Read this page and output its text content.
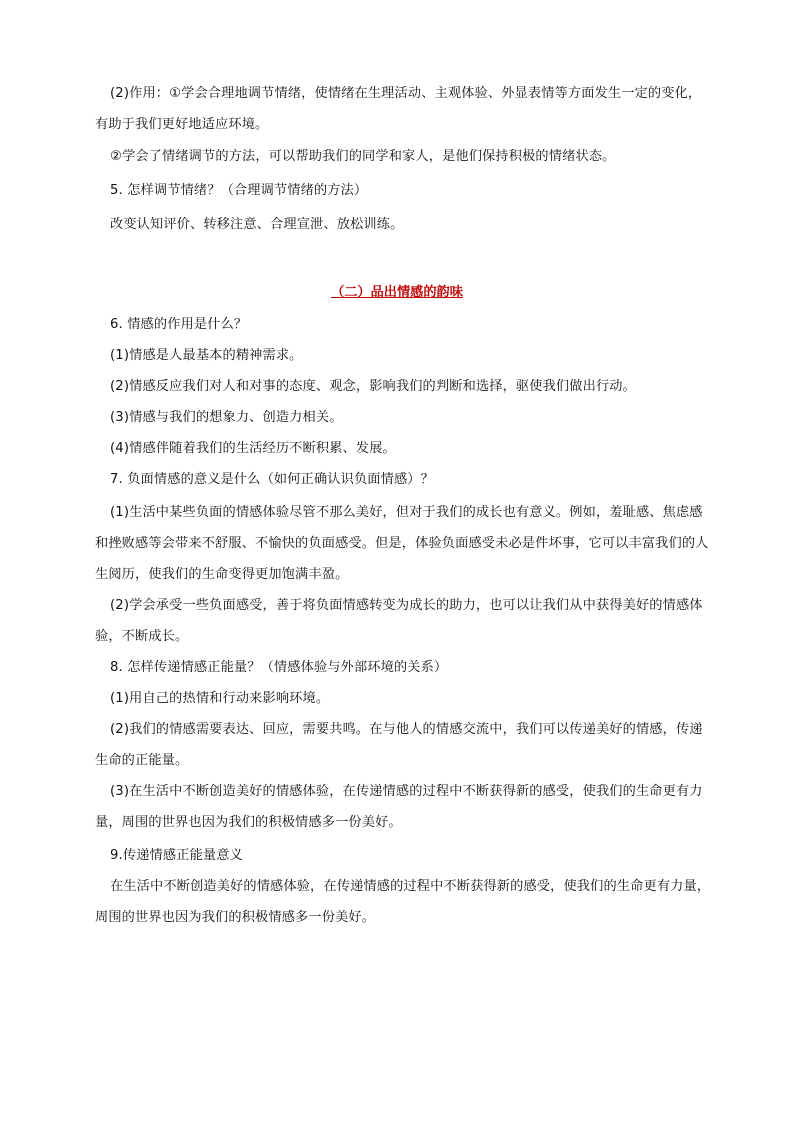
(2)作用：①学会合理地调节情绪，使情绪在生理活动、主观体验、外显表情等方面发生一定的变化，
有助于我们更好地适应环境。
②学会了情绪调节的方法，可以帮助我们的同学和家人，是他们保持积极的情绪状态。
5. 怎样调节情绪？（合理调节情绪的方法）
改变认知评价、转移注意、合理宣泄、放松训练。
（二）品出情感的韵味
6. 情感的作用是什么？
(1)情感是人最基本的精神需求。
(2)情感反应我们对人和对事的态度、观念，影响我们的判断和选择，驱使我们做出行动。
(3)情感与我们的想象力、创造力相关。
(4)情感伴随着我们的生活经历不断积累、发展。
7. 负面情感的意义是什么（如何正确认识负面情感）？
(1)生活中某些负面的情感体验尽管不那么美好，但对于我们的成长也有意义。例如，羞耻感、焦虑感
和挫败感等会带来不舒服、不愉快的负面感受。但是，体验负面感受未必是件坏事，它可以丰富我们的人
生阅历，使我们的生命变得更加饱满丰盈。
(2)学会承受一些负面感受，善于将负面情感转变为成长的助力，也可以让我们从中获得美好的情感体
验，不断成长。
8. 怎样传递情感正能量？（情感体验与外部环境的关系）
(1)用自己的热情和行动来影响环境。
(2)我们的情感需要表达、回应，需要共鸣。在与他人的情感交流中，我们可以传递美好的情感，传递
生命的正能量。
(3)在生活中不断创造美好的情感体验，在传递情感的过程中不断获得新的感受，使我们的生命更有力
量，周围的世界也因为我们的积极情感多一份美好。
9.传递情感正能量意义
在生活中不断创造美好的情感体验，在传递情感的过程中不断获得新的感受，使我们的生命更有力量，
周围的世界也因为我们的积极情感多一份美好。
